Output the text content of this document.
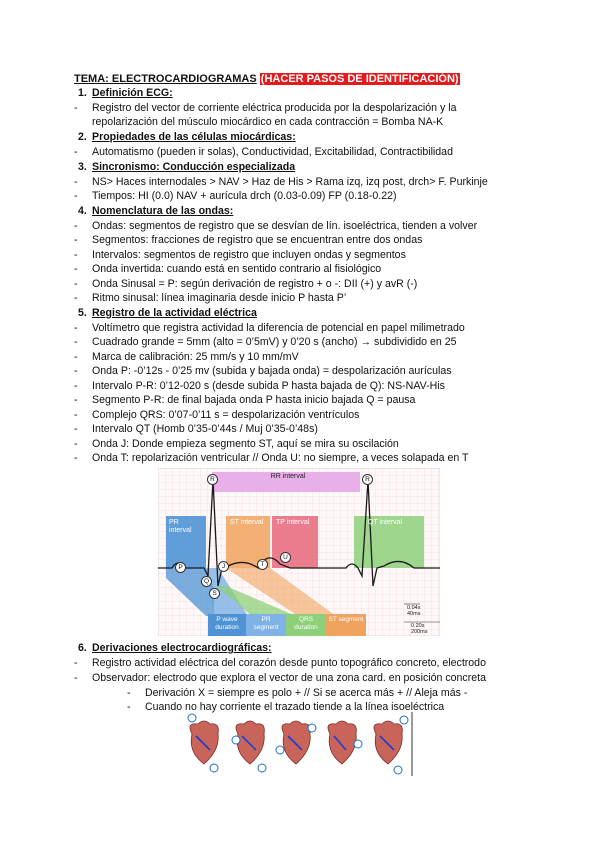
TEMA: ELECTROCARDIOGRAMAS (HACER PASOS DE IDENTIFICACIÓN)
1. Definición ECG:
- Registro del vector de corriente eléctrica producida por la despolarización y la
repolarización del músculo miocárdico en cada contracción = Bomba NA-K
2. Propiedades de las células miocárdicas:
- Automatismo (pueden ir solas), Conductividad, Excitabilidad, Contractibilidad
3. Sincronismo: Conducción especializada
- NS> Haces internodales > NAV > Haz de His > Rama izq, izq post, drch> F. Purkinje
- Tiempos: HI (0.0) NAV + aurícula drch (0.03-0.09) FP (0.18-0.22)
4. Nomenclatura de las ondas:
- Ondas: segmentos de registro que se desvían de lín. isoeléctrica, tienden a volver
- Segmentos: fracciones de registro que se encuentran entre dos ondas
- Intervalos: segmentos de registro que incluyen ondas y segmentos
- Onda invertida: cuando está en sentido contrario al fisiológico
- Onda Sinusal = P: según derivación de registro + o -: DII (+) y avR (-)
- Ritmo sinusal: línea imaginaria desde inicio P hasta P’
5. Registro de la actividad eléctrica
- Voltímetro que registra actividad la diferencia de potencial en papel milimetrado
- Cuadrado grande = 5mm (alto = 0’5mV) y 0’20 s (ancho) → subdividido en 25
- Marca de calibración: 25 mm/s y 10 mm/mV
- Onda P: -0’12s - 0’25 mv (subida y bajada onda) = despolarización aurículas
- Intervalo P-R: 0’12-020 s (desde subida P hasta bajada de Q): NS-NAV-His
- Segmento P-R: de final bajada onda P hasta inicio bajada Q = pausa
- Complejo QRS: 0’07-0’11 s = despolarización ventrículos
- Intervalo QT (Homb 0’35-0’44s / Muj 0’35-0’48s)
- Onda J: Donde empieza segmento ST, aquí se mira su oscilación
- Onda T: repolarización ventricular // Onda U: no siempre, a veces solapada en T
6. Derivaciones electrocardiográficas:
- Registro actividad eléctrica del corazón desde punto topográfico concreto, electrodo
- Observador: electrodo que explora el vector de una zona card. en posición concreta
- Derivación X = siempre es polo + // Si se acerca más + // Aleja más -
- Cuando no hay corriente el trazado tiende a la línea isoeléctrica
RR interval
PR interval
ST interval	TP interval	QT interval
P wave duration
PR segment
QRS duration
ST segment
0.04s
40ms
0.20s
200ms
R	R
P
Q
S
J	T
U
